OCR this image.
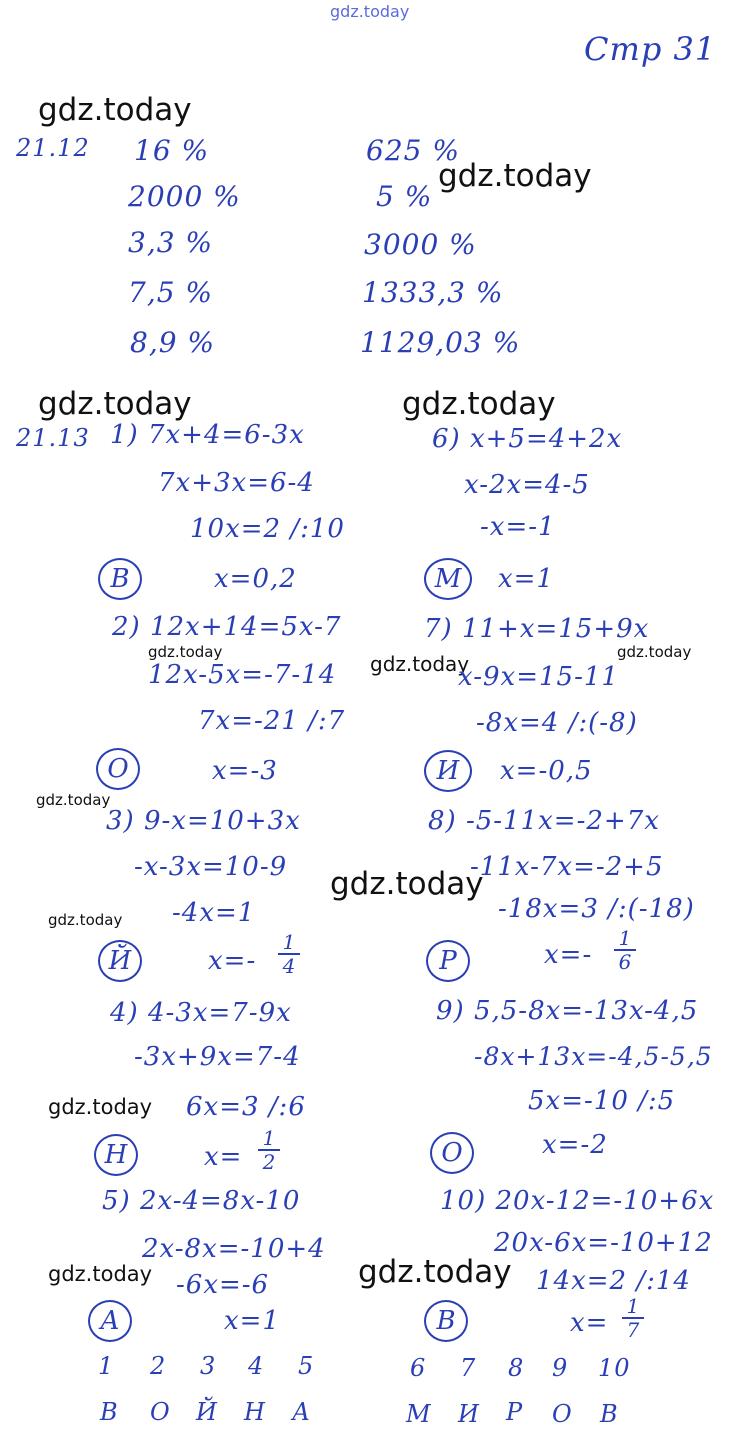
gdz.today
gdz.today
gdz.today
gdz.today	gdz.today
gdz.today	gdz.today	gdz.today
gdz.today
gdz.today
gdz.today
gdz.today
gdz.today	gdz.today
Стр 31
21.12 16 %
2000 %
3,3 %
7,5 %
8,9 %
625 %
5 %
3000 %
1333,3 %
1129,03 %
21.13 1) 7x+4=6-3x
7x+3x=6-4
10x=2 /:10
x=0,2
В
2) 12x+14=5x-7
12x-5x=-7-14
7x=-21 /:7
x=-3
О
3) 9-x=10+3x
-x-3x=10-9
-4x=1
x=-
1
4
Й
4) 4-3x=7-9x
-3x+9x=7-4
6x=3 /:6
x=
1
2
Н
5) 2x-4=8x-10
2x-8x=-10+4
-6x=-6
x=1
А
6) x+5=4+2x
x-2x=4-5
-x=-1
x=1
М
7) 11+x=15+9x
x-9x=15-11
-8x=4 /:(-8)
x=-0,5
И
8) -5-11x=-2+7x
-11x-7x=-2+5
-18x=3 /:(-18)
x=-
1
6
Р
9) 5,5-8x=-13x-4,5
-8x+13x=-4,5-5,5
5x=-10 /:5
x=-2
О
10) 20x-12=-10+6x
20x-6x=-10+12
14x=2 /:14
x=
1
7
В
1 2 3 4 5	6 7 8 9 10
В О Й Н А	М И Р О В
